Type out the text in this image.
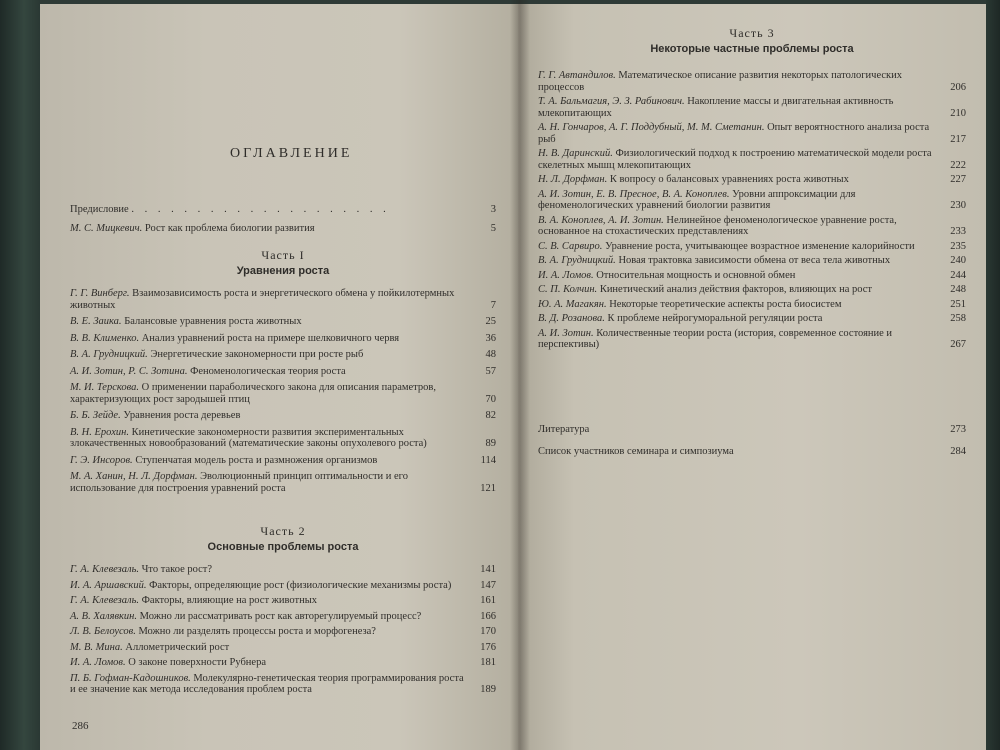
ОГЛАВЛЕНИЕ

Предисловие . . . . . . . . . . . . . . . . . . . .	3

М. С. Мицкевич. Рост как проблема биологии развития	5

Часть I

Уравнения роста

Г. Г. Винберг. Взаимозависимость роста и энергетического обмена у пойкилотермных животных	7

В. Е. Заика. Балансовые уравнения роста животных	25

В. В. Клименко. Анализ уравнений роста на примере шелковичного червя	36

В. А. Грудницкий. Энергетические закономерности при росте рыб	48

А. И. Зотин, Р. С. Зотина. Феноменологическая теория роста	57

М. И. Терскова. О применении параболического закона для описания параметров, характеризующих рост зародышей птиц	70

Б. Б. Зейде. Уравнения роста деревьев	82

В. Н. Ерохин. Кинетические закономерности развития экспериментальных злокачественных новообразований (математические законы опухолевого роста)	89

Г. Э. Инсоров. Ступенчатая модель роста и размножения организмов	114

М. А. Ханин, Н. Л. Дорфман. Эволюционный принцип оптимальности и его использование для построения уравнений роста	121

Часть 2

Основные проблемы роста

Г. А. Клевезаль. Что такое рост?	141

И. А. Аршавский. Факторы, определяющие рост (физиологические механизмы роста)	147

Г. А. Клевезаль. Факторы, влияющие на рост животных	161

А. В. Халявкин. Можно ли рассматривать рост как авторегулируемый процесс?	166

Л. В. Белоусов. Можно ли разделять процессы роста и морфогенеза?	170

М. В. Мина. Аллометрический рост	176

И. А. Ломов. О законе поверхности Рубнера	181

П. Б. Гофман-Кадошников. Молекулярно-генетическая теория программирования роста и ее значение как метода исследования проблем роста	189

286

Часть 3

Некоторые частные проблемы роста

Г. Г. Автандилов. Математическое описание развития некоторых патологических процессов	206

Т. А. Бальмагия, Э. З. Рабинович. Накопление массы и двигательная активность млекопитающих	210

А. Н. Гончаров, А. Г. Поддубный, М. М. Сметанин. Опыт вероятностного анализа роста рыб	217

Н. В. Даринский. Физиологический подход к построению математической модели роста скелетных мышц млекопитающих	222

Н. Л. Дорфман. К вопросу о балансовых уравнениях роста животных	227

А. И. Зотин, Е. В. Пресное, В. А. Коноплев. Уровни аппроксимации для феноменологических уравнений биологии развития	230

В. А. Коноплев, А. И. Зотин. Нелинейное феноменологическое уравнение роста, основанное на стохастических представлениях	233

С. В. Сарвиро. Уравнение роста, учитывающее возрастное изменение калорийности	235

В. А. Грудницкий. Новая трактовка зависимости обмена от веса тела животных	240

И. А. Ломов. Относительная мощность и основной обмен	244

С. П. Колчин. Кинетический анализ действия факторов, влияющих на рост	248

Ю. А. Магакян. Некоторые теоретические аспекты роста биосистем	251

В. Д. Розанова. К проблеме нейрогуморальной регуляции роста	258

А. И. Зотин. Количественные теории роста (история, современное состояние и перспективы)	267

Литература	273

Список участников семинара и симпозиума	284
